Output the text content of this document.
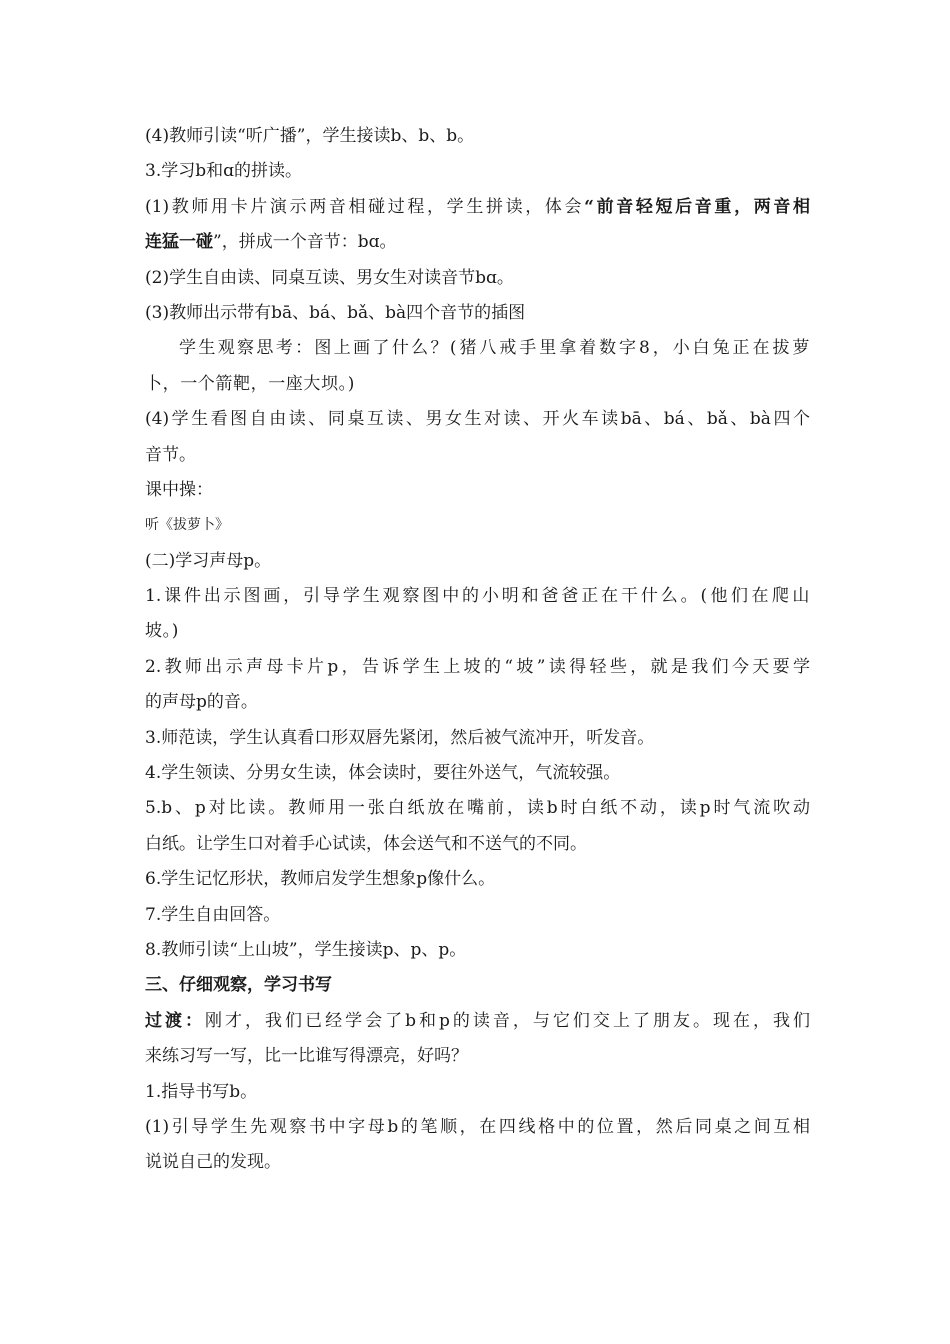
(4)教师引读“听广播”，学生接读b、b、b。
3.学习b和ɑ的拼读。
(1)教师用卡片演示两音相碰过程，学生拼读，体会“前音轻短后音重，两音相
连猛一碰”，拼成一个音节：bɑ。
(2)学生自由读、同桌互读、男女生对读音节bɑ。
(3)教师出示带有bā、bá、bǎ、bà四个音节的插图
学生观察思考：图上画了什么？(猪八戒手里拿着数字8，小白兔正在拔萝
卜，一个箭靶，一座大坝。)
(4)学生看图自由读、同桌互读、男女生对读、开火车读bā、bá、bǎ、bà四个
音节。
课中操：
听《拔萝卜》
(二)学习声母p。
1.课件出示图画，引导学生观察图中的小明和爸爸正在干什么。(他们在爬山
坡。)
2.教师出示声母卡片p，告诉学生上坡的“坡”读得轻些，就是我们今天要学
的声母p的音。
3.师范读，学生认真看口形双唇先紧闭，然后被气流冲开，听发音。
4.学生领读、分男女生读，体会读时，要往外送气，气流较强。
5.b、p对比读。教师用一张白纸放在嘴前，读b时白纸不动，读p时气流吹动
白纸。让学生口对着手心试读，体会送气和不送气的不同。
6.学生记忆形状，教师启发学生想象p像什么。
7.学生自由回答。
8.教师引读“上山坡”，学生接读p、p、p。
三、仔细观察，学习书写
过渡：刚才，我们已经学会了b和p的读音，与它们交上了朋友。现在，我们
来练习写一写，比一比谁写得漂亮，好吗？
1.指导书写b。
(1)引导学生先观察书中字母b的笔顺，在四线格中的位置，然后同桌之间互相
说说自己的发现。
